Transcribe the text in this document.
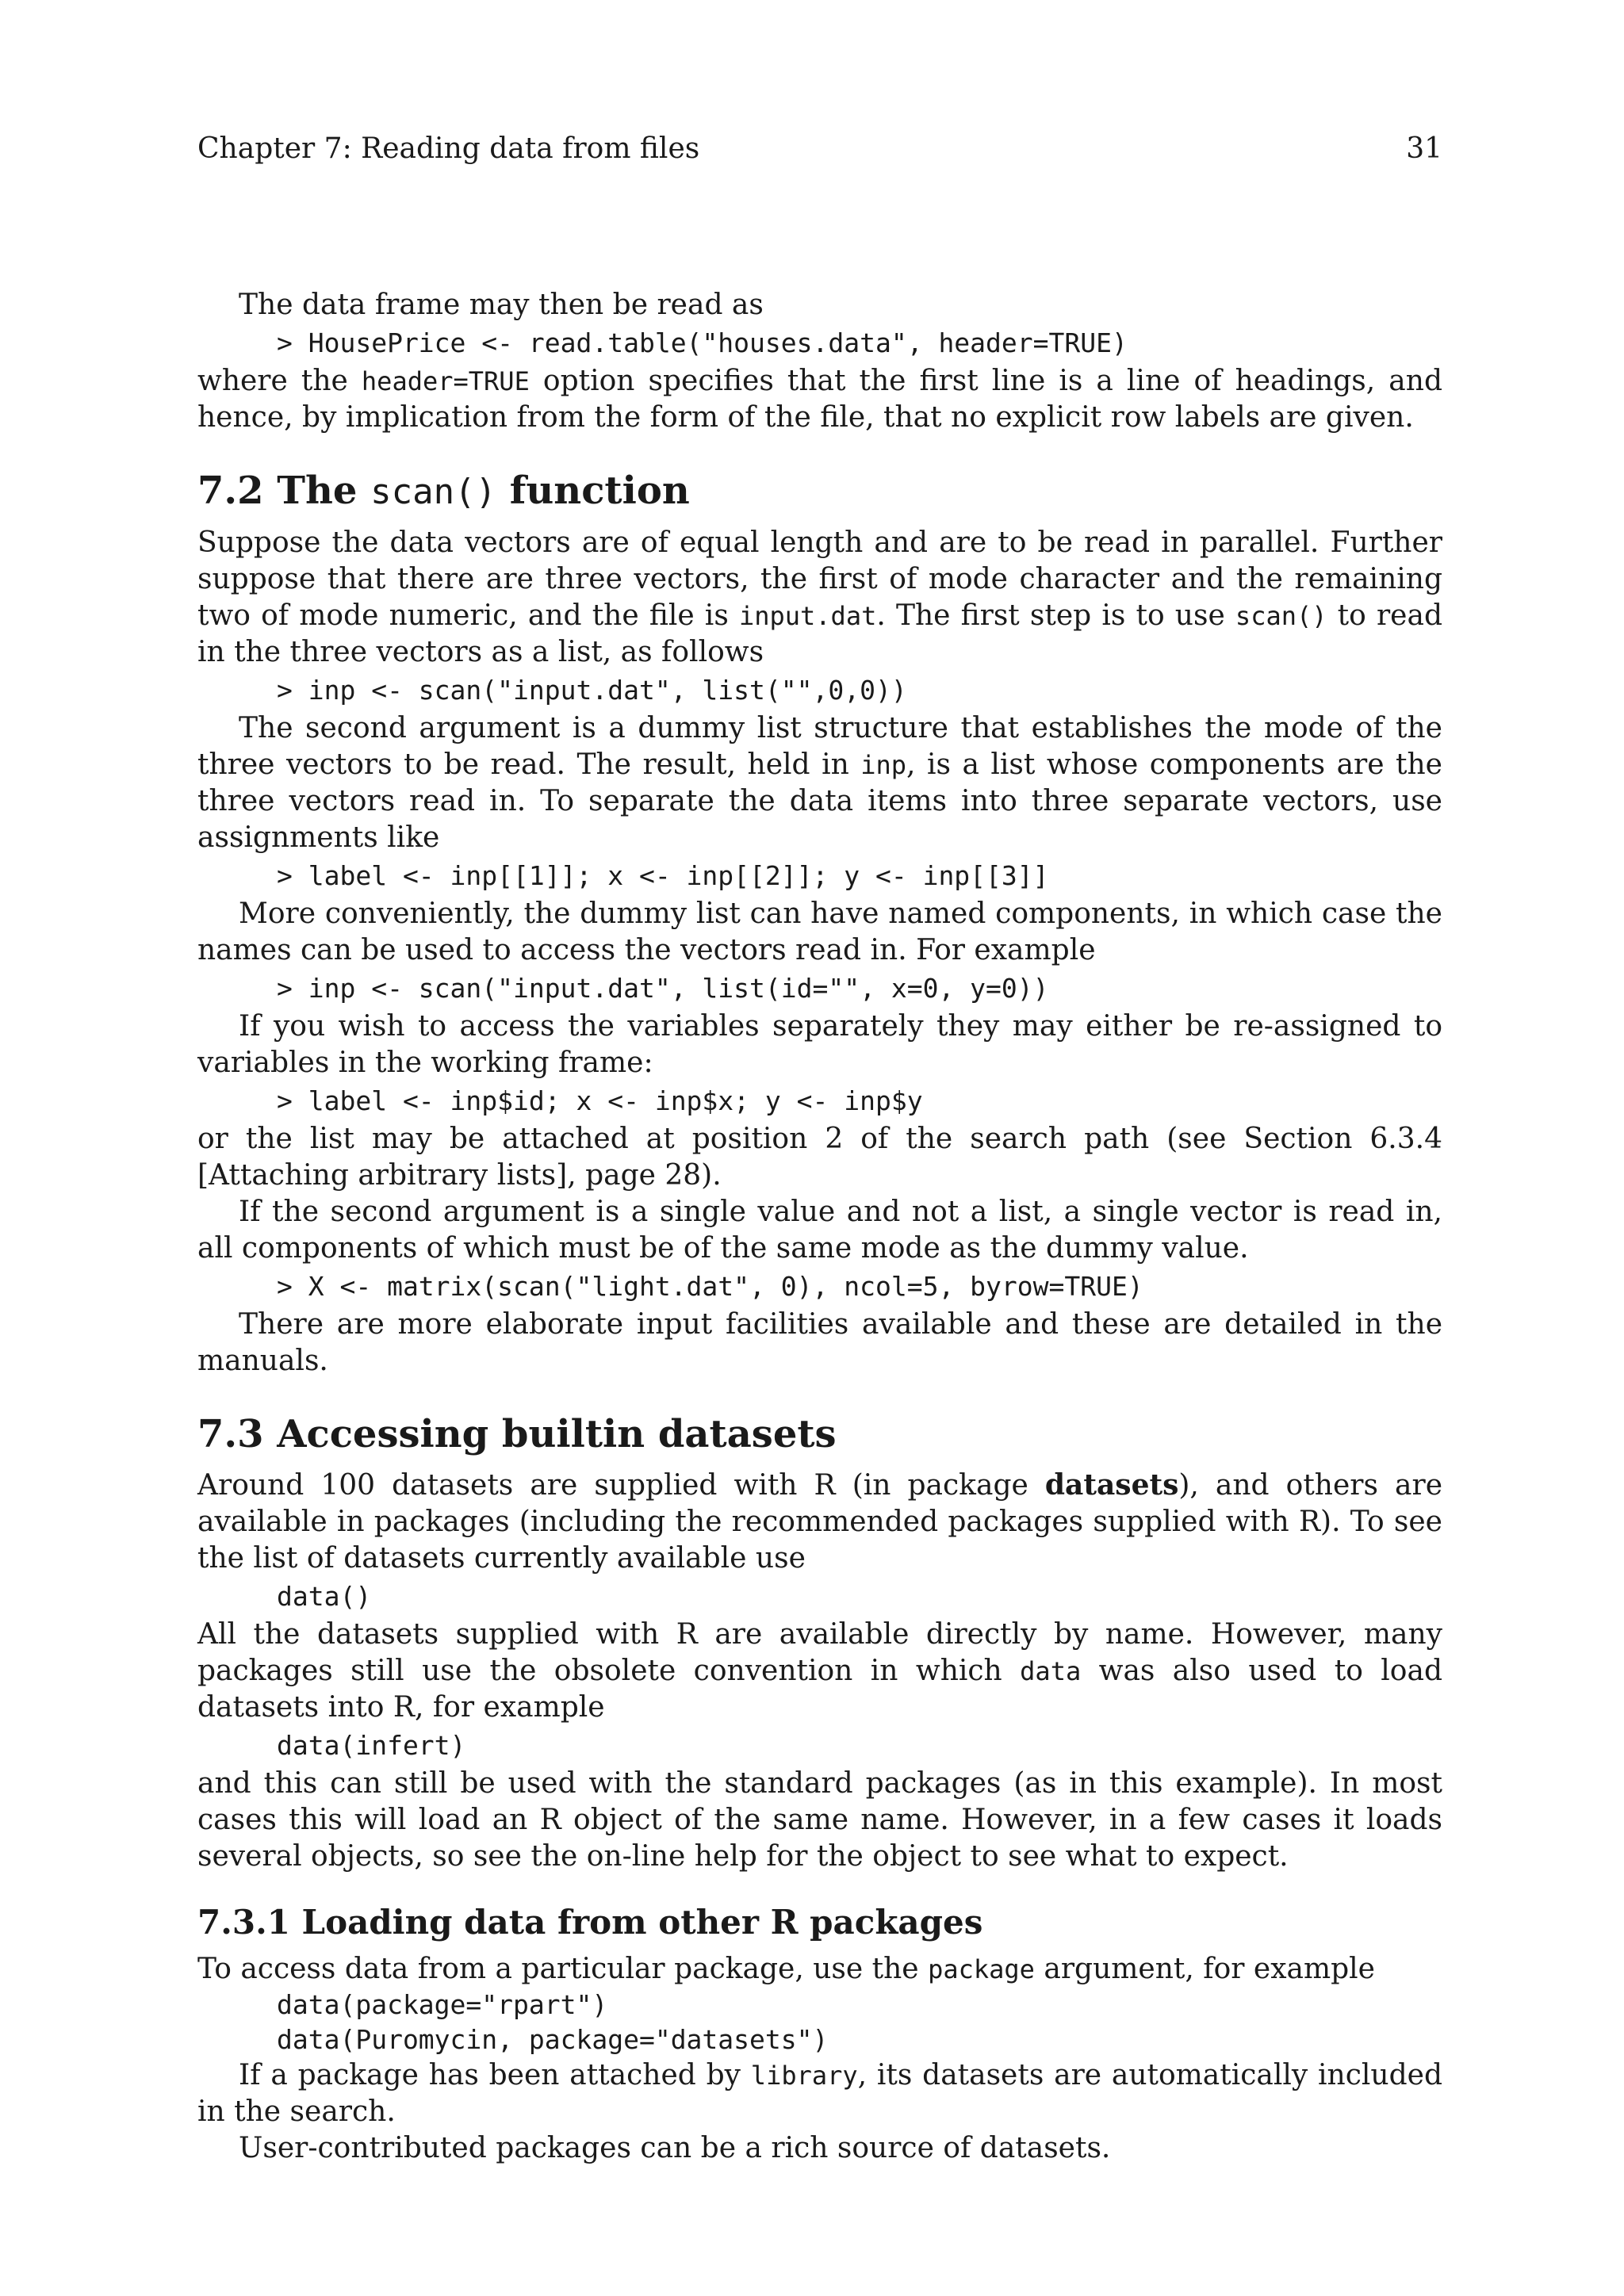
Chapter 7: Reading data from files	31

The data frame may then be read as

> HousePrice <- read.table("houses.data", header=TRUE)

where the header=TRUE option specifies that the first line is a line of headings, and hence, by implication from the form of the file, that no explicit row labels are given.

7.2 The scan() function

Suppose the data vectors are of equal length and are to be read in parallel. Further suppose that there are three vectors, the first of mode character and the remaining two of mode numeric, and the file is input.dat. The first step is to use scan() to read in the three vectors as a list, as follows

> inp <- scan("input.dat", list("",0,0))

The second argument is a dummy list structure that establishes the mode of the three vectors to be read. The result, held in inp, is a list whose components are the three vectors read in. To separate the data items into three separate vectors, use assignments like

> label <- inp[[1]]; x <- inp[[2]]; y <- inp[[3]]

More conveniently, the dummy list can have named components, in which case the names can be used to access the vectors read in. For example

> inp <- scan("input.dat", list(id="", x=0, y=0))

If you wish to access the variables separately they may either be re-assigned to variables in the working frame:

> label <- inp$id; x <- inp$x; y <- inp$y

or the list may be attached at position 2 of the search path (see Section 6.3.4 [Attaching arbitrary lists], page 28).

If the second argument is a single value and not a list, a single vector is read in, all components of which must be of the same mode as the dummy value.

> X <- matrix(scan("light.dat", 0), ncol=5, byrow=TRUE)

There are more elaborate input facilities available and these are detailed in the manuals.

7.3 Accessing builtin datasets

Around 100 datasets are supplied with R (in package datasets), and others are available in packages (including the recommended packages supplied with R). To see the list of datasets currently available use

data()

All the datasets supplied with R are available directly by name. However, many packages still use the obsolete convention in which data was also used to load datasets into R, for example

data(infert)

and this can still be used with the standard packages (as in this example). In most cases this will load an R object of the same name. However, in a few cases it loads several objects, so see the on-line help for the object to see what to expect.

7.3.1 Loading data from other R packages

To access data from a particular package, use the package argument, for example

data(package="rpart")
data(Puromycin, package="datasets")

If a package has been attached by library, its datasets are automatically included in the search.

User-contributed packages can be a rich source of datasets.
